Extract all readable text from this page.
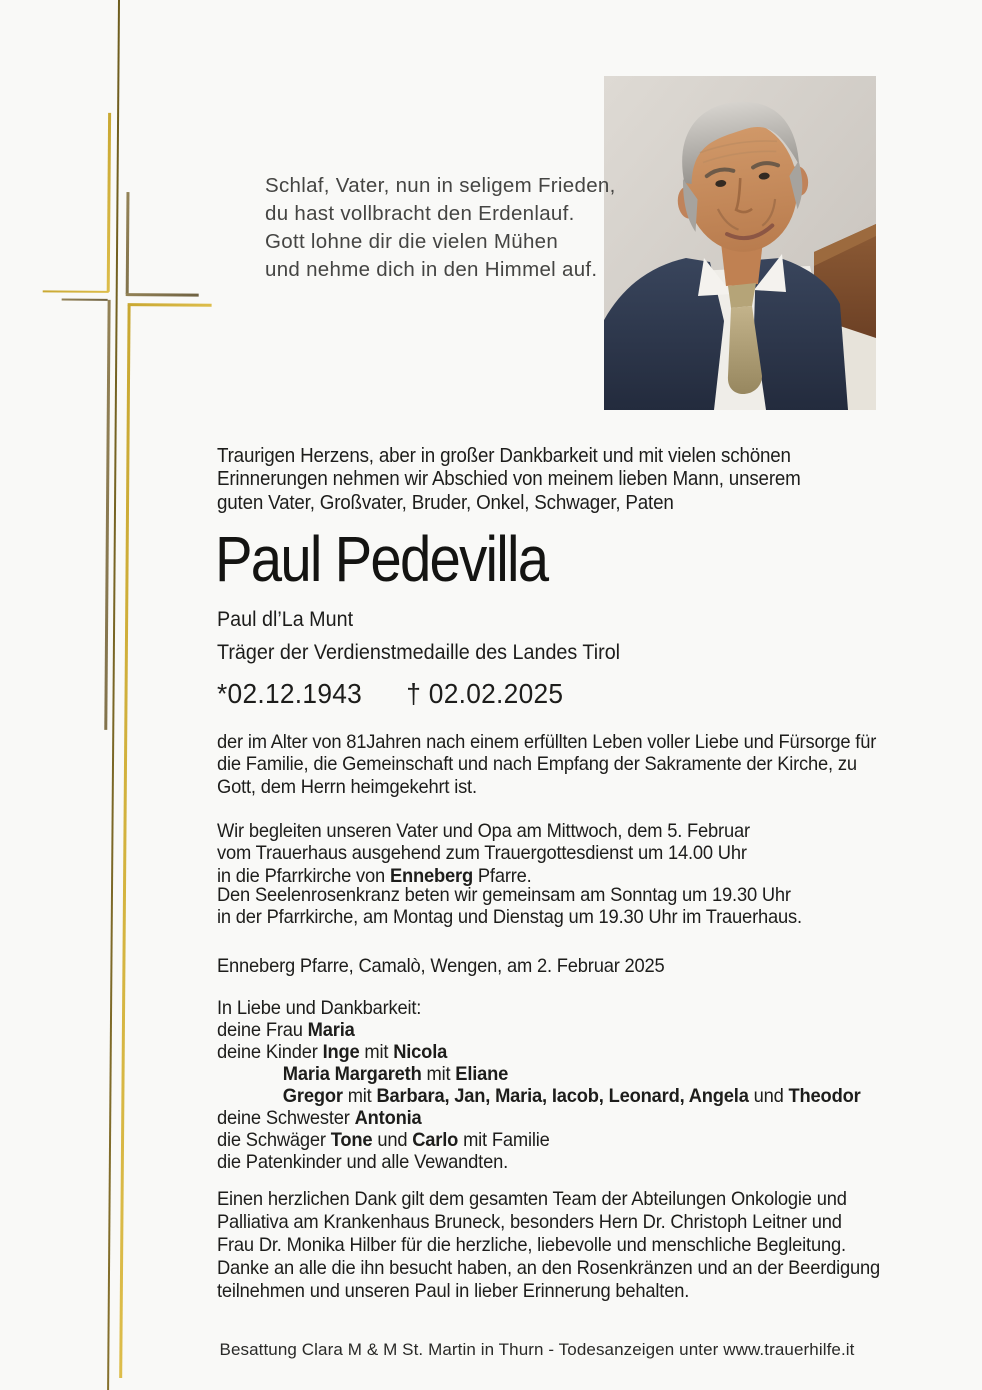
Schlaf, Vater, nun in seligem Frieden,
du hast vollbracht den Erdenlauf.
Gott lohne dir die vielen Mühen
und nehme dich in den Himmel auf.
Traurigen Herzens, aber in großer Dankbarkeit und mit vielen schönen
Erinnerungen nehmen wir Abschied von meinem lieben Mann, unserem
guten Vater, Großvater, Bruder, Onkel, Schwager, Paten
Paul Pedevilla
Paul dl’La Munt
Träger der Verdienstmedaille des Landes Tirol
*02.12.1943 † 02.02.2025
der im Alter von 81Jahren nach einem erfüllten Leben voller Liebe und Fürsorge für
die Familie, die Gemeinschaft und nach Empfang der Sakramente der Kirche, zu
Gott, dem Herrn heimgekehrt ist.
Wir begleiten unseren Vater und Opa am Mittwoch, dem 5. Februar
vom Trauerhaus ausgehend zum Trauergottesdienst um 14.00 Uhr
in die Pfarrkirche von Enneberg Pfarre.
Den Seelenrosenkranz beten wir gemeinsam am Sonntag um 19.30 Uhr
in der Pfarrkirche, am Montag und Dienstag um 19.30 Uhr im Trauerhaus.
Enneberg Pfarre, Camalò, Wengen, am 2. Februar 2025
In Liebe und Dankbarkeit:
deine Frau Maria
deine Kinder Inge mit Nicola
Maria Margareth mit Eliane
Gregor mit Barbara, Jan, Maria, Iacob, Leonard, Angela und Theodor
deine Schwester Antonia
die Schwäger Tone und Carlo mit Familie
die Patenkinder und alle Vewandten.
Einen herzlichen Dank gilt dem gesamten Team der Abteilungen Onkologie und
Palliativa am Krankenhaus Bruneck, besonders Hern Dr. Christoph Leitner und
Frau Dr. Monika Hilber für die herzliche, liebevolle und menschliche Begleitung.
Danke an alle die ihn besucht haben, an den Rosenkränzen und an der Beerdigung
teilnehmen und unseren Paul in lieber Erinnerung behalten.
Besattung Clara M & M St. Martin in Thurn - Todesanzeigen unter www.trauerhilfe.it
